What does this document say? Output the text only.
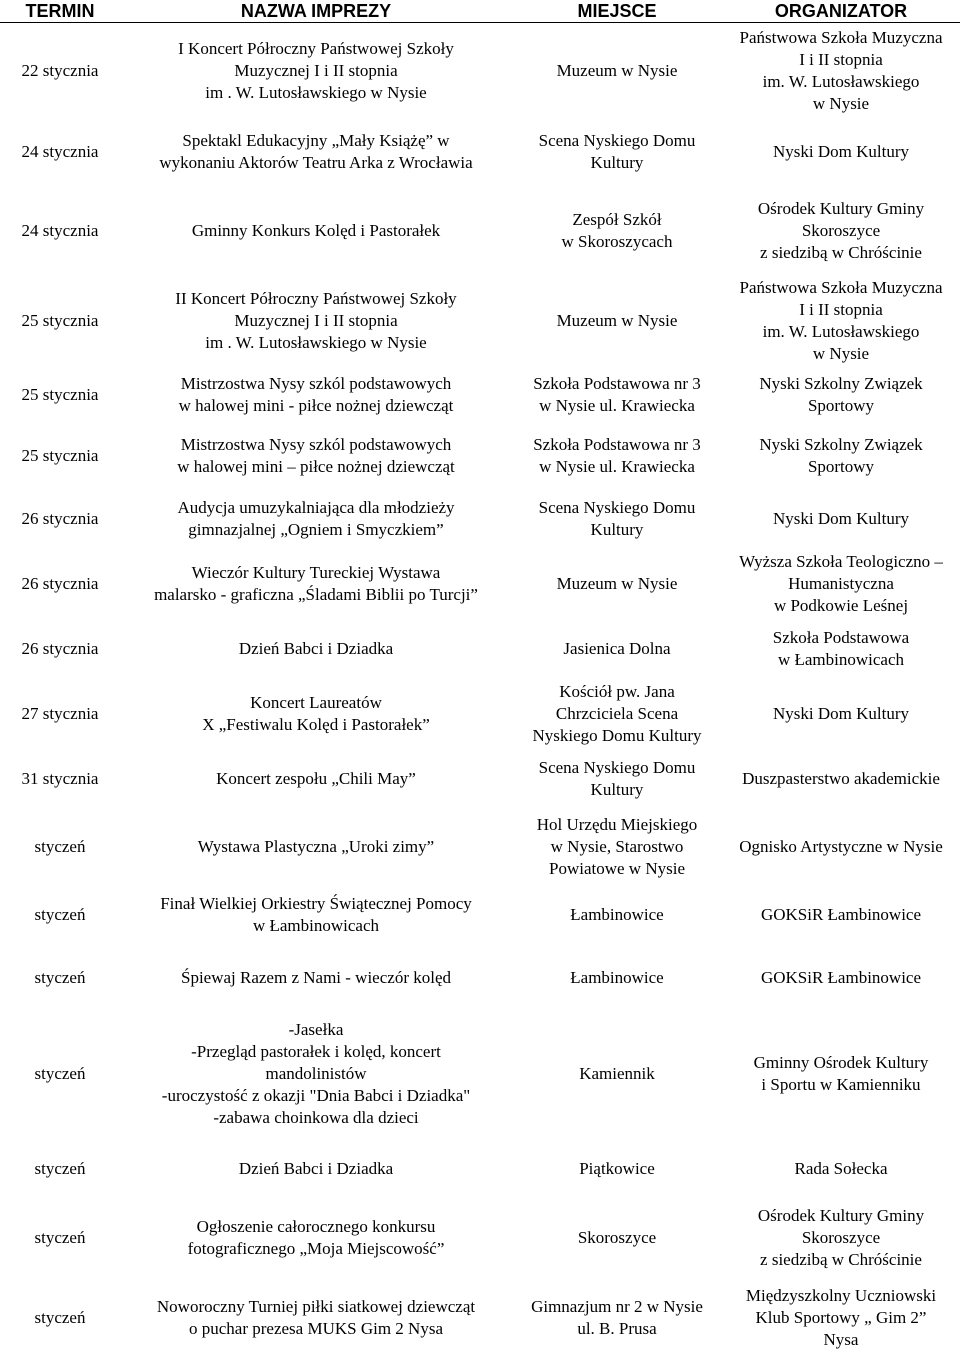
TERMIN	NAZWA IMPREZY	MIEJSCE	ORGANIZATOR

22 stycznia	I Koncert Półroczny Państwowej Szkoły
Muzycznej I i II stopnia
im . W. Lutosławskiego w Nysie	Muzeum w Nysie	Państwowa Szkoła Muzyczna
I i II stopnia
im. W. Lutosławskiego
w Nysie

24 stycznia	Spektakl Edukacyjny „Mały Książę” w
wykonaniu Aktorów Teatru Arka z Wrocławia	Scena Nyskiego Domu
Kultury	Nyski Dom Kultury

24 stycznia	Gminny Konkurs Kolęd i Pastorałek	Zespół Szkół
w Skoroszycach	Ośrodek Kultury Gminy
Skoroszyce
z siedzibą w Chróścinie

25 stycznia	II Koncert Półroczny Państwowej Szkoły
Muzycznej I i II stopnia
im . W. Lutosławskiego w Nysie	Muzeum w Nysie	Państwowa Szkoła Muzyczna
I i II stopnia
im. W. Lutosławskiego
w Nysie

25 stycznia	Mistrzostwa Nysy szkól podstawowych
w halowej mini - piłce nożnej dziewcząt	Szkoła Podstawowa nr 3
w Nysie ul. Krawiecka	Nyski Szkolny Związek
Sportowy

25 stycznia	Mistrzostwa Nysy szkól podstawowych
w halowej mini – piłce nożnej dziewcząt	Szkoła Podstawowa nr 3
w Nysie ul. Krawiecka	Nyski Szkolny Związek
Sportowy

26 stycznia	Audycja umuzykalniająca dla młodzieży
gimnazjalnej „Ogniem i Smyczkiem”	Scena Nyskiego Domu
Kultury	Nyski Dom Kultury

26 stycznia	Wieczór Kultury Tureckiej Wystawa
malarsko - graficzna „Śladami Biblii po Turcji”	Muzeum w Nysie	Wyższa Szkoła Teologiczno –
Humanistyczna
w Podkowie Leśnej

26 stycznia	Dzień Babci i Dziadka	Jasienica Dolna	Szkoła Podstawowa
w Łambinowicach

27 stycznia	Koncert Laureatów
X „Festiwalu Kolęd i Pastorałek”	Kościół pw. Jana
Chrzciciela Scena
Nyskiego Domu Kultury	Nyski Dom Kultury

31 stycznia	Koncert zespołu „Chili May”	Scena Nyskiego Domu
Kultury	Duszpasterstwo akademickie

styczeń	Wystawa Plastyczna „Uroki zimy”	Hol Urzędu Miejskiego
w Nysie, Starostwo
Powiatowe w Nysie	Ognisko Artystyczne w Nysie

styczeń	Finał Wielkiej Orkiestry Świątecznej Pomocy
w Łambinowicach	Łambinowice	GOKSiR Łambinowice

styczeń	Śpiewaj Razem z Nami - wieczór kolęd	Łambinowice	GOKSiR Łambinowice

styczeń	-Jasełka
-Przegląd pastorałek i kolęd, koncert
mandolinistów
-uroczystość z okazji "Dnia Babci i Dziadka"
-zabawa choinkowa dla dzieci	Kamiennik	Gminny Ośrodek Kultury
i Sportu w Kamienniku

styczeń	Dzień Babci i Dziadka	Piątkowice	Rada Sołecka

styczeń	Ogłoszenie całorocznego konkursu
fotograficznego „Moja Miejscowość”	Skoroszyce	Ośrodek Kultury Gminy
Skoroszyce
z siedzibą w Chróścinie

styczeń	Noworoczny Turniej piłki siatkowej dziewcząt
o puchar prezesa MUKS Gim 2 Nysa	Gimnazjum nr 2 w Nysie
ul. B. Prusa	Międzyszkolny Uczniowski
Klub Sportowy „ Gim 2”
Nysa
